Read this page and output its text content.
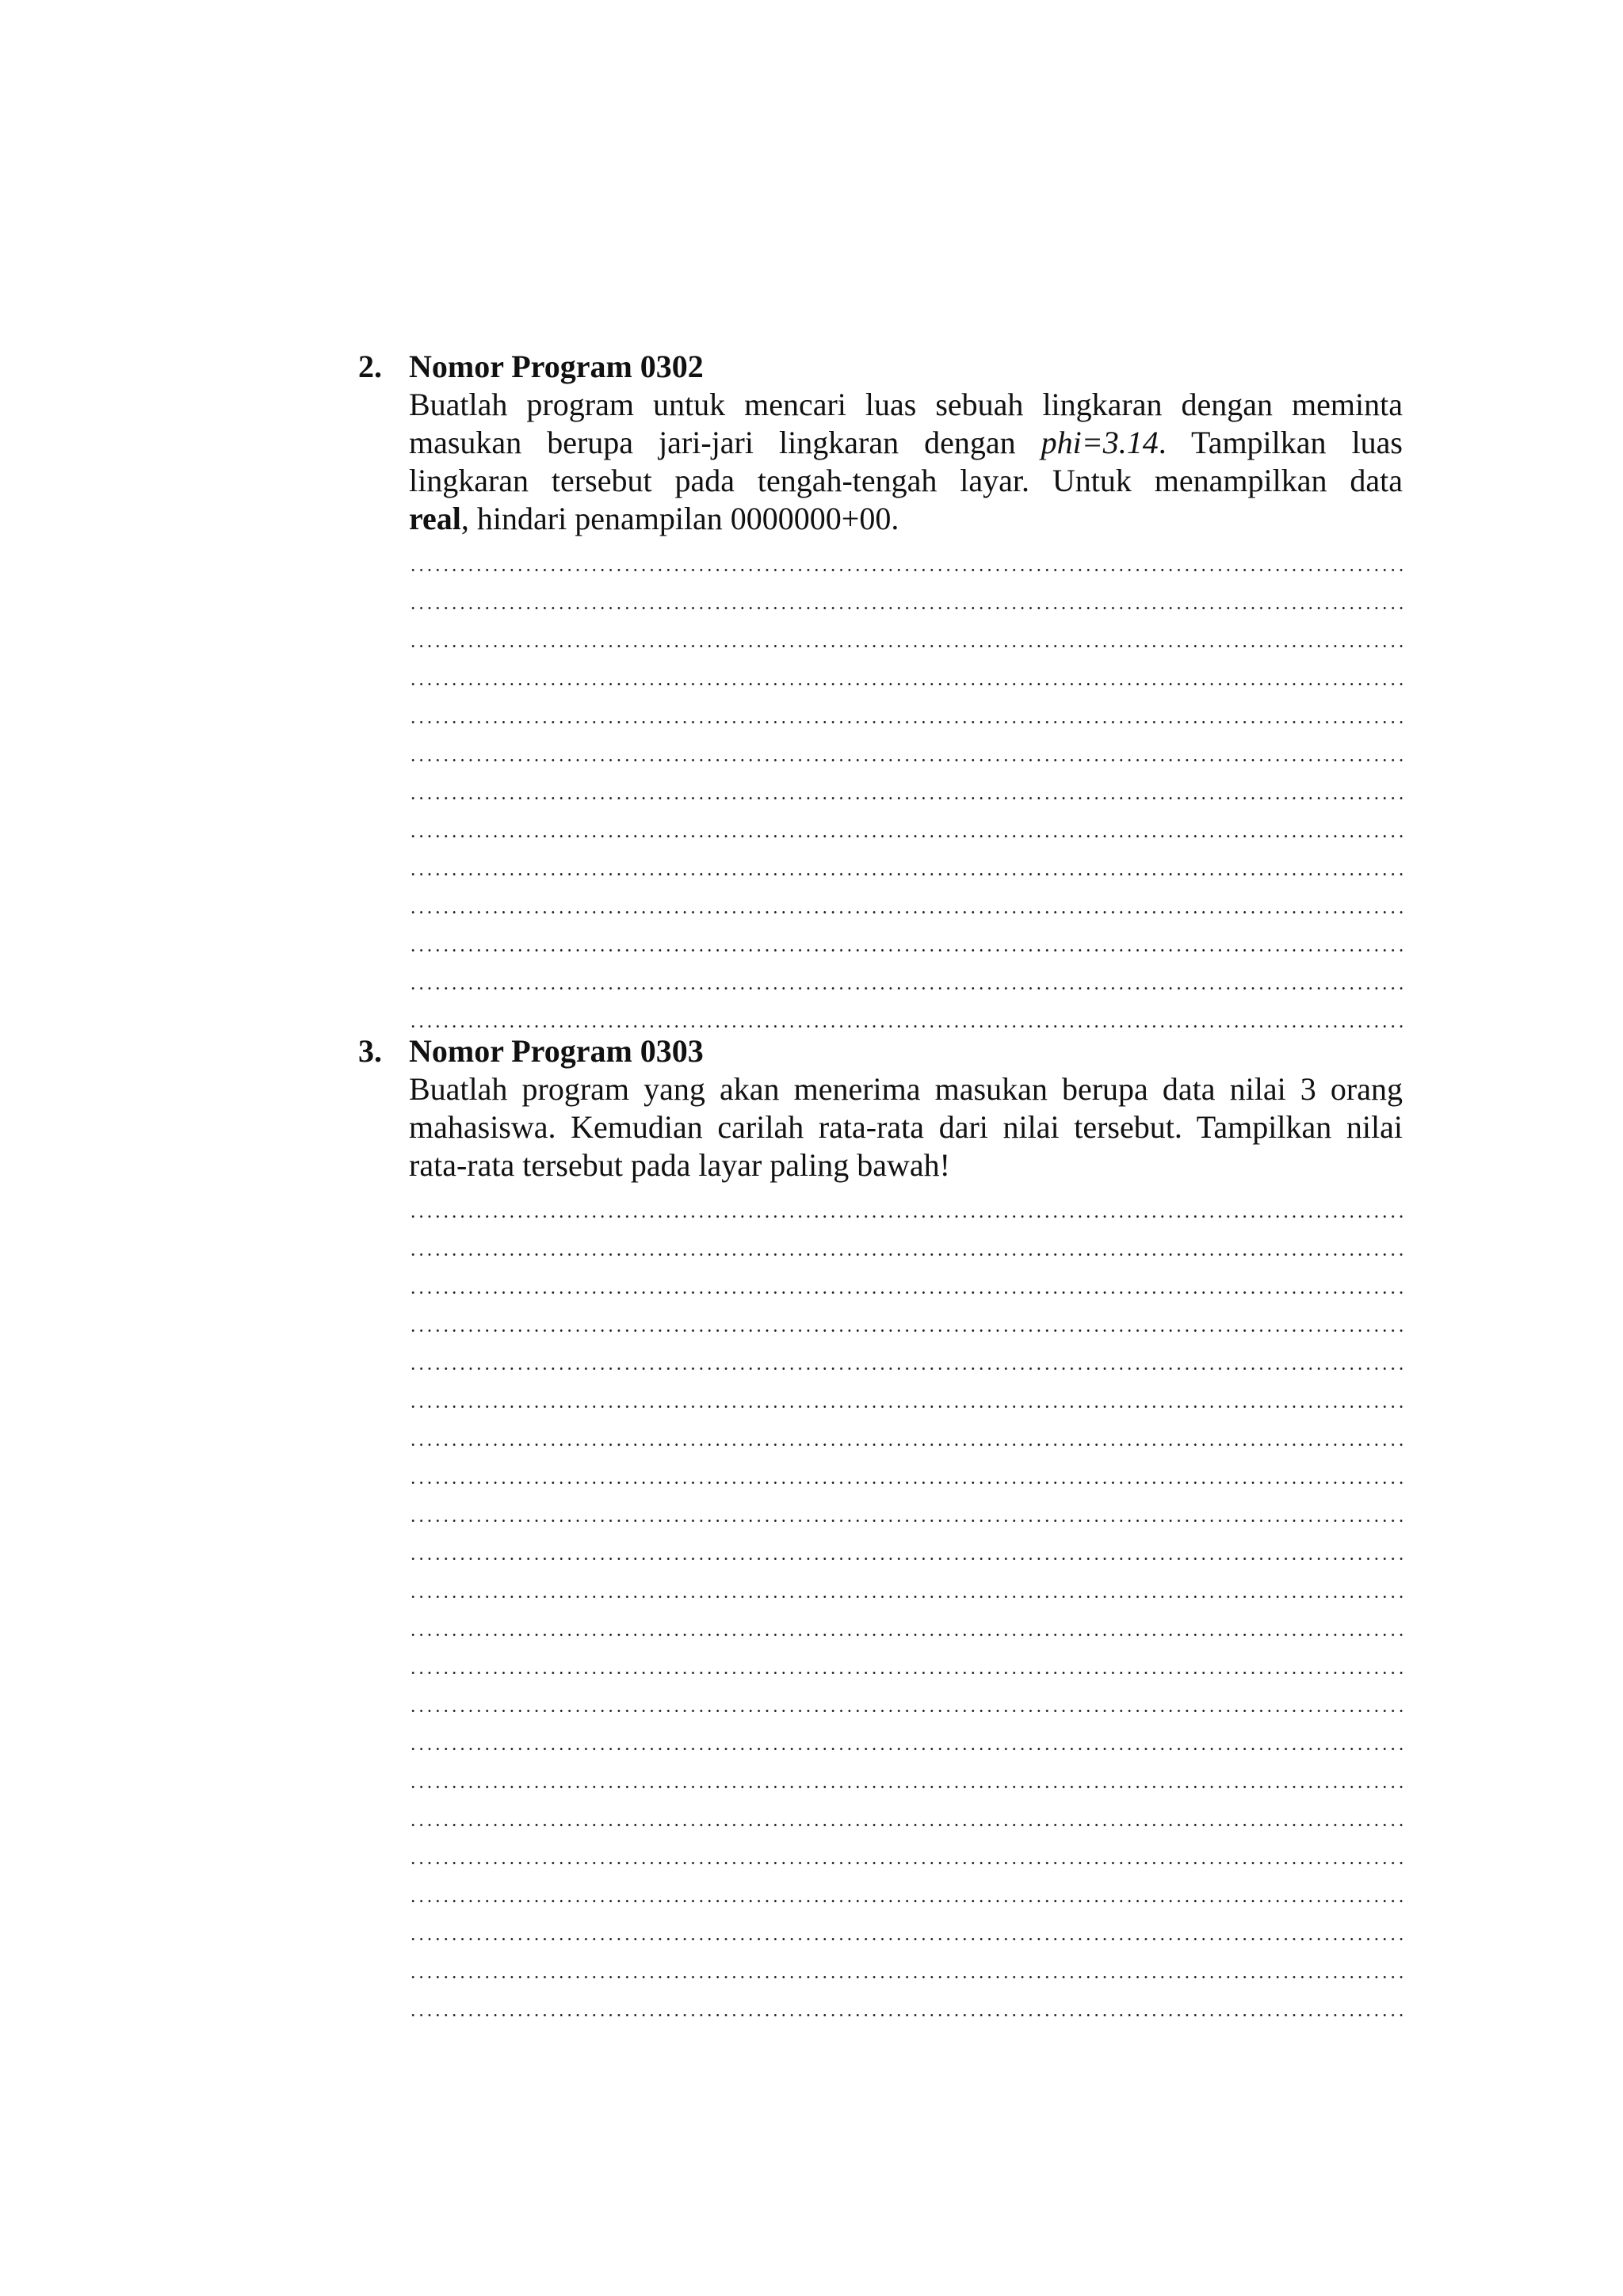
2. Nomor Program 0302
Buatlah program untuk mencari luas sebuah lingkaran dengan meminta
masukan berupa jari-jari lingkaran dengan phi=3.14. Tampilkan luas
lingkaran tersebut pada tengah-tengah layar. Untuk menampilkan data
real, hindari penampilan 0000000+00.
3. Nomor Program 0303
Buatlah program yang akan menerima masukan berupa data nilai 3 orang
mahasiswa. Kemudian carilah rata-rata dari nilai tersebut. Tampilkan nilai
rata-rata tersebut pada layar paling bawah!
